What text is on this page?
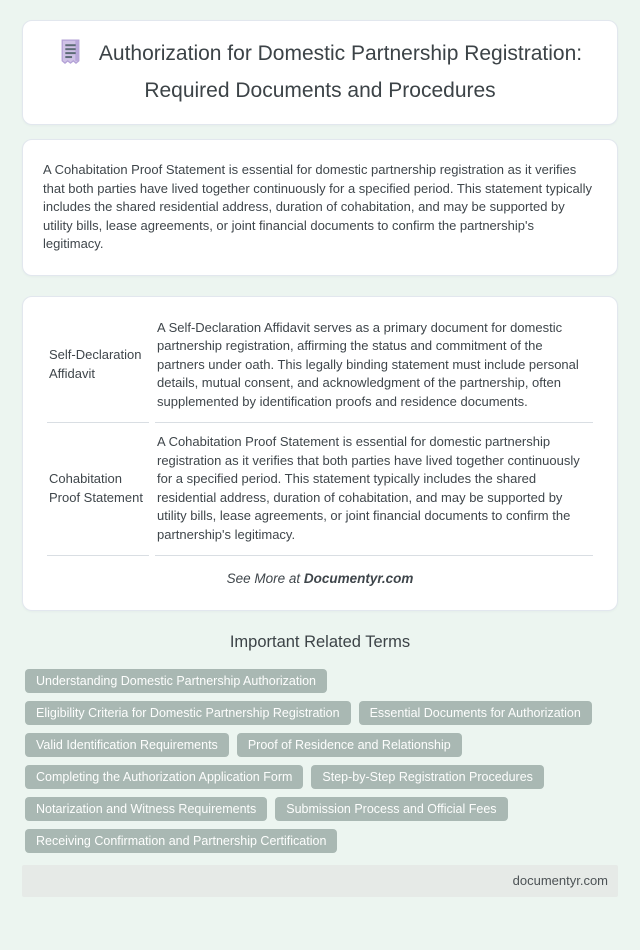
Authorization for Domestic Partnership Registration: Required Documents and Procedures
A Cohabitation Proof Statement is essential for domestic partnership registration as it verifies that both parties have lived together continuously for a specified period. This statement typically includes the shared residential address, duration of cohabitation, and may be supported by utility bills, lease agreements, or joint financial documents to confirm the partnership's legitimacy.
Self-Declaration Affidavit	A Self-Declaration Affidavit serves as a primary document for domestic partnership registration, affirming the status and commitment of the partners under oath. This legally binding statement must include personal details, mutual consent, and acknowledgment of the partnership, often supplemented by identification proofs and residence documents.
Cohabitation Proof Statement	A Cohabitation Proof Statement is essential for domestic partnership registration as it verifies that both parties have lived together continuously for a specified period. This statement typically includes the shared residential address, duration of cohabitation, and may be supported by utility bills, lease agreements, or joint financial documents to confirm the partnership's legitimacy.
See More at Documentyr.com
Important Related Terms
Understanding Domestic Partnership Authorization
Eligibility Criteria for Domestic Partnership Registration	Essential Documents for Authorization
Valid Identification Requirements	Proof of Residence and Relationship
Completing the Authorization Application Form	Step-by-Step Registration Procedures
Notarization and Witness Requirements	Submission Process and Official Fees
Receiving Confirmation and Partnership Certification
documentyr.com
